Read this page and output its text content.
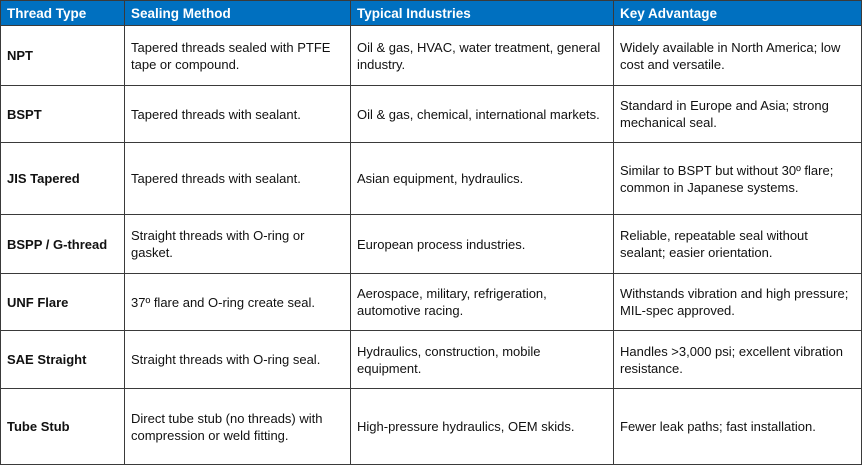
Thread Type	Sealing Method	Typical Industries	Key Advantage
NPT	Tapered threads sealed with PTFE tape or compound.	Oil & gas, HVAC, water treatment, general industry.	Widely available in North America; low cost and versatile.
BSPT	Tapered threads with sealant.	Oil & gas, chemical, international markets.	Standard in Europe and Asia; strong mechanical seal.
JIS Tapered	Tapered threads with sealant.	Asian equipment, hydraulics.	Similar to BSPT but without 30º flare; common in Japanese systems.
BSPP / G-thread	Straight threads with O-ring or gasket.	European process industries.	Reliable, repeatable seal without sealant; easier orientation.
UNF Flare	37º flare and O-ring create seal.	Aerospace, military, refrigeration, automotive racing.	Withstands vibration and high pressure; MIL-spec approved.
SAE Straight	Straight threads with O-ring seal.	Hydraulics, construction, mobile equipment.	Handles >3,000 psi; excellent vibration resistance.
Tube Stub	Direct tube stub (no threads) with compression or weld fitting.	High-pressure hydraulics, OEM skids.	Fewer leak paths; fast installation.
